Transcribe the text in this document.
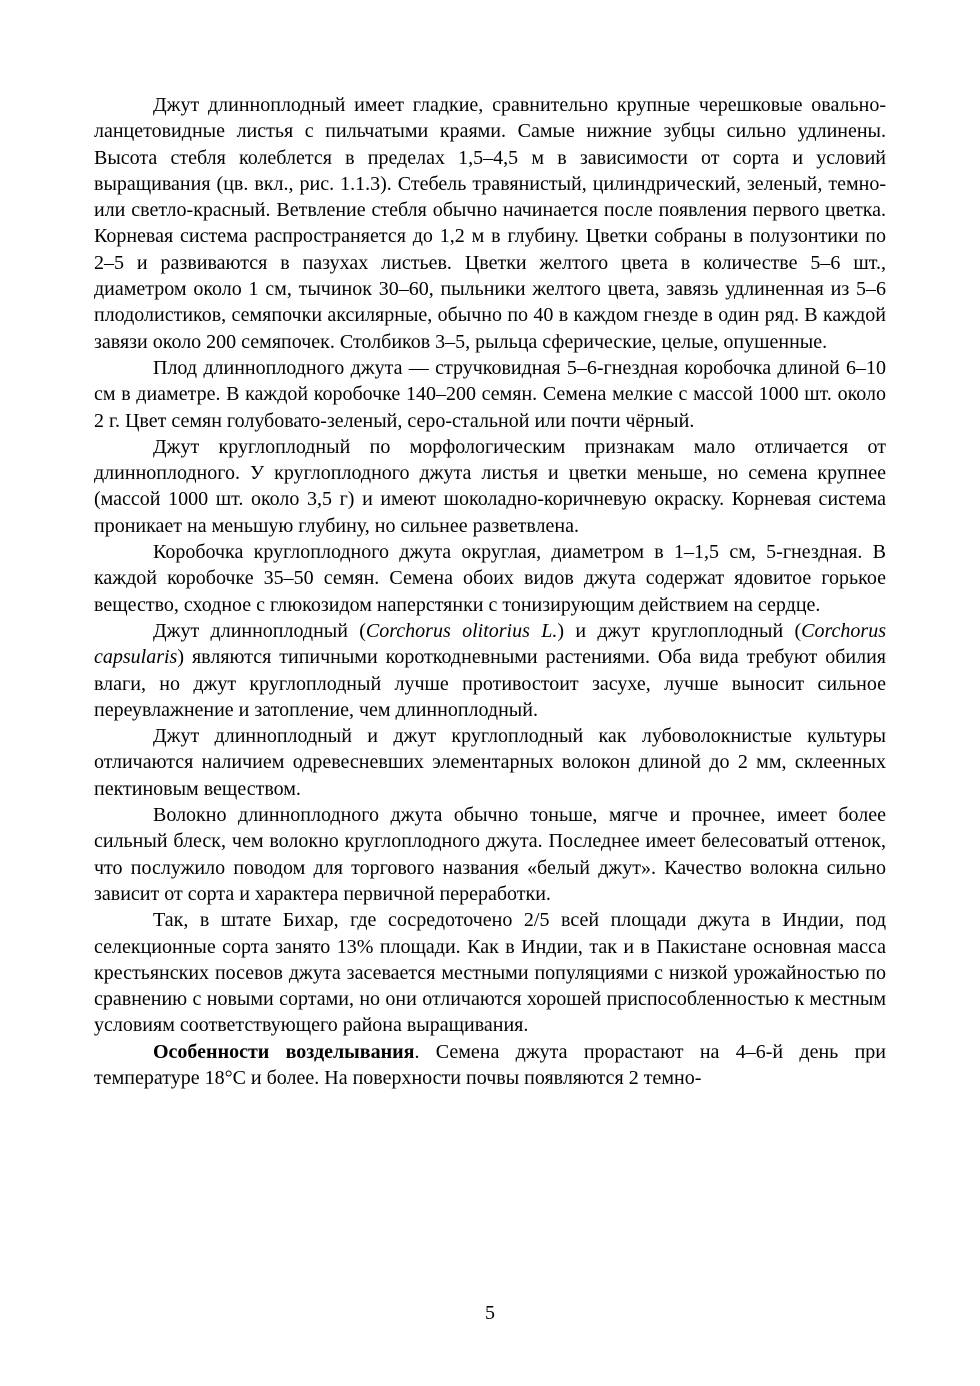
Джут длинноплодный имеет гладкие, сравнительно крупные черешковые овально-ланцетовидные листья с пильчатыми краями. Самые нижние зубцы сильно удлинены. Высота стебля колеблется в пределах 1,5–4,5 м в зависимости от сорта и условий выращивания (цв. вкл., рис. 1.1.3). Стебель травянистый, цилиндрический, зеленый, темно- или светло-красный. Ветвление стебля обычно начинается после появления первого цветка. Корневая система распространяется до 1,2 м в глубину. Цветки собраны в полузонтики по 2–5 и развиваются в пазухах листьев. Цветки желтого цвета в количестве 5–6 шт., диаметром около 1 см, тычинок 30–60, пыльники желтого цвета, завязь удлиненная из 5–6 плодолистиков, семяпочки аксилярные, обычно по 40 в каждом гнезде в один ряд. В каждой завязи около 200 семяпочек. Столбиков 3–5, рыльца сферические, целые, опушенные.

Плод длинноплодного джута — стручковидная 5–6-гнездная коробочка длиной 6–10 см в диаметре. В каждой коробочке 140–200 семян. Семена мелкие с массой 1000 шт. около 2 г. Цвет семян голубовато-зеленый, серо-стальной или почти чёрный.

Джут круглоплодный по морфологическим признакам мало отличается от длинноплодного. У круглоплодного джута листья и цветки меньше, но семена крупнее (массой 1000 шт. около 3,5 г) и имеют шоколадно-коричневую окраску. Корневая система проникает на меньшую глубину, но сильнее разветвлена.

Коробочка круглоплодного джута округлая, диаметром в 1–1,5 см, 5-гнездная. В каждой коробочке 35–50 семян. Семена обоих видов джута содержат ядовитое горькое вещество, сходное с глюкозидом наперстянки с тонизирующим действием на сердце.

Джут длинноплодный (Corchorus olitorius L.) и джут круглоплодный (Corchorus capsularis) являются типичными короткодневными растениями. Оба вида требуют обилия влаги, но джут круглоплодный лучше противостоит засухе, лучше выносит сильное переувлажнение и затопление, чем длинноплодный.

Джут длинноплодный и джут круглоплодный как лубоволокнистые культуры отличаются наличием одревесневших элементарных волокон длиной до 2 мм, склеенных пектиновым веществом.

Волокно длинноплодного джута обычно тоньше, мягче и прочнее, имеет более сильный блеск, чем волокно круглоплодного джута. Последнее имеет белесоватый оттенок, что послужило поводом для торгового названия «белый джут». Качество волокна сильно зависит от сорта и характера первичной переработки.

Так, в штате Бихар, где сосредоточено 2/5 всей площади джута в Индии, под селекционные сорта занято 13% площади. Как в Индии, так и в Пакистане основная масса крестьянских посевов джута засевается местными популяциями с низкой урожайностью по сравнению с новыми сортами, но они отличаются хорошей приспособленностью к местным условиям соответствующего района выращивания.

Особенности возделывания. Семена джута прорастают на 4–6-й день при температуре 18°С и более. На поверхности почвы появляются 2 темно-

5
